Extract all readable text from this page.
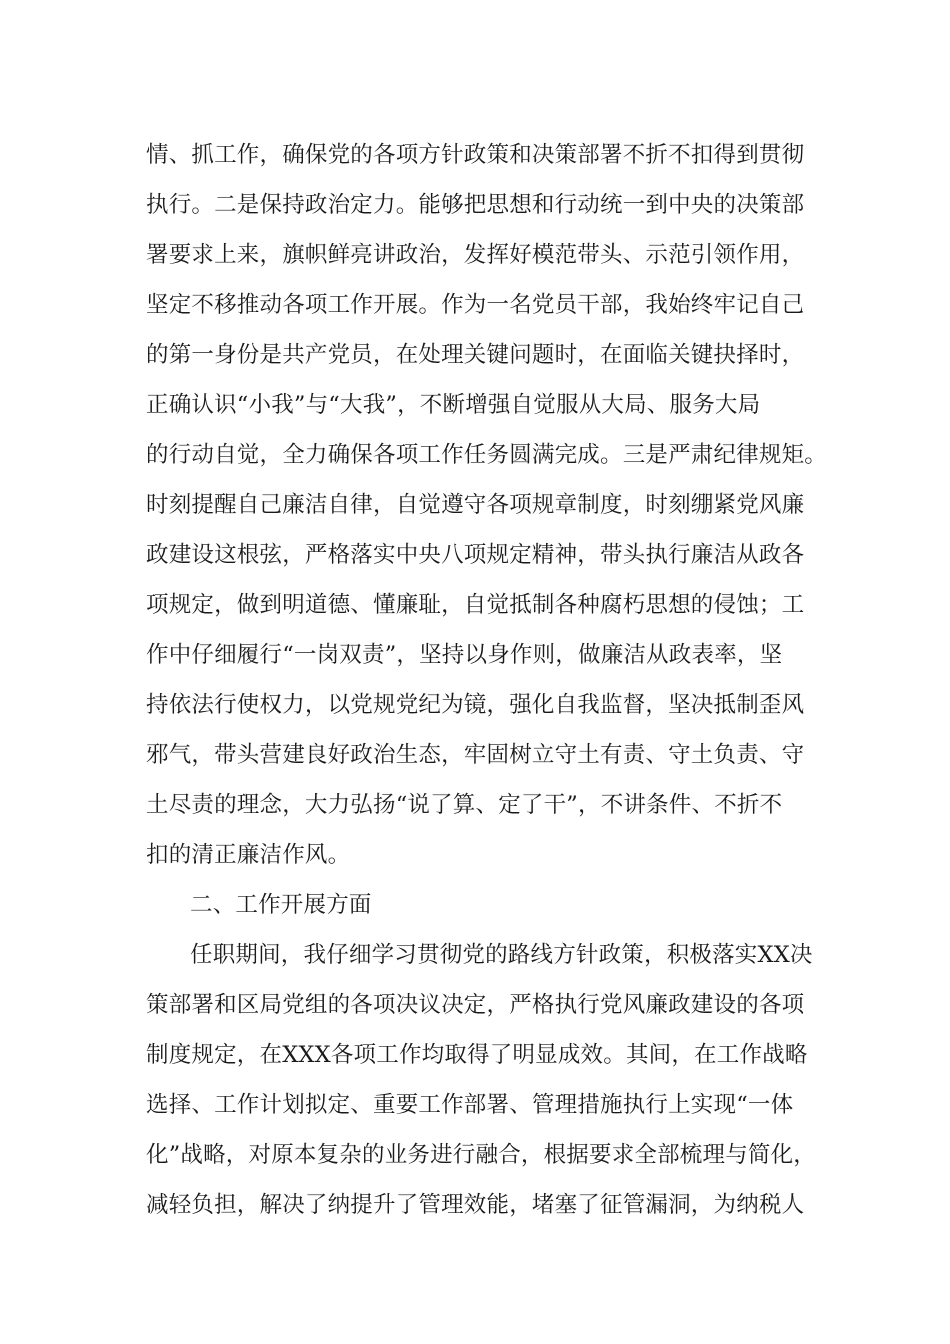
情、抓工作，确保党的各项方针政策和决策部署不折不扣得到贯彻
执行。二是保持政治定力。能够把思想和行动统一到中央的决策部
署要求上来，旗帜鲜亮讲政治，发挥好模范带头、示范引领作用，
坚定不移推动各项工作开展。作为一名党员干部，我始终牢记自己
的第一身份是共产党员，在处理关键问题时，在面临关键抉择时，
正确认识“小我”与“大我”，不断增强自觉服从大局、服务大局
的行动自觉，全力确保各项工作任务圆满完成。三是严肃纪律规矩。
时刻提醒自己廉洁自律，自觉遵守各项规章制度，时刻绷紧党风廉
政建设这根弦，严格落实中央八项规定精神，带头执行廉洁从政各
项规定，做到明道德、懂廉耻，自觉抵制各种腐朽思想的侵蚀；工
作中仔细履行“一岗双责”，坚持以身作则，做廉洁从政表率，坚
持依法行使权力，以党规党纪为镜，强化自我监督，坚决抵制歪风
邪气，带头营建良好政治生态，牢固树立守土有责、守土负责、守
土尽责的理念，大力弘扬“说了算、定了干”，不讲条件、不折不
扣的清正廉洁作风。
二、工作开展方面
任职期间，我仔细学习贯彻党的路线方针政策，积极落实XX决
策部署和区局党组的各项决议决定，严格执行党风廉政建设的各项
制度规定，在XXX各项工作均取得了明显成效。其间，在工作战略
选择、工作计划拟定、重要工作部署、管理措施执行上实现“一体
化”战略，对原本复杂的业务进行融合，根据要求全部梳理与简化，
减轻负担，解决了纳提升了管理效能，堵塞了征管漏洞，为纳税人
